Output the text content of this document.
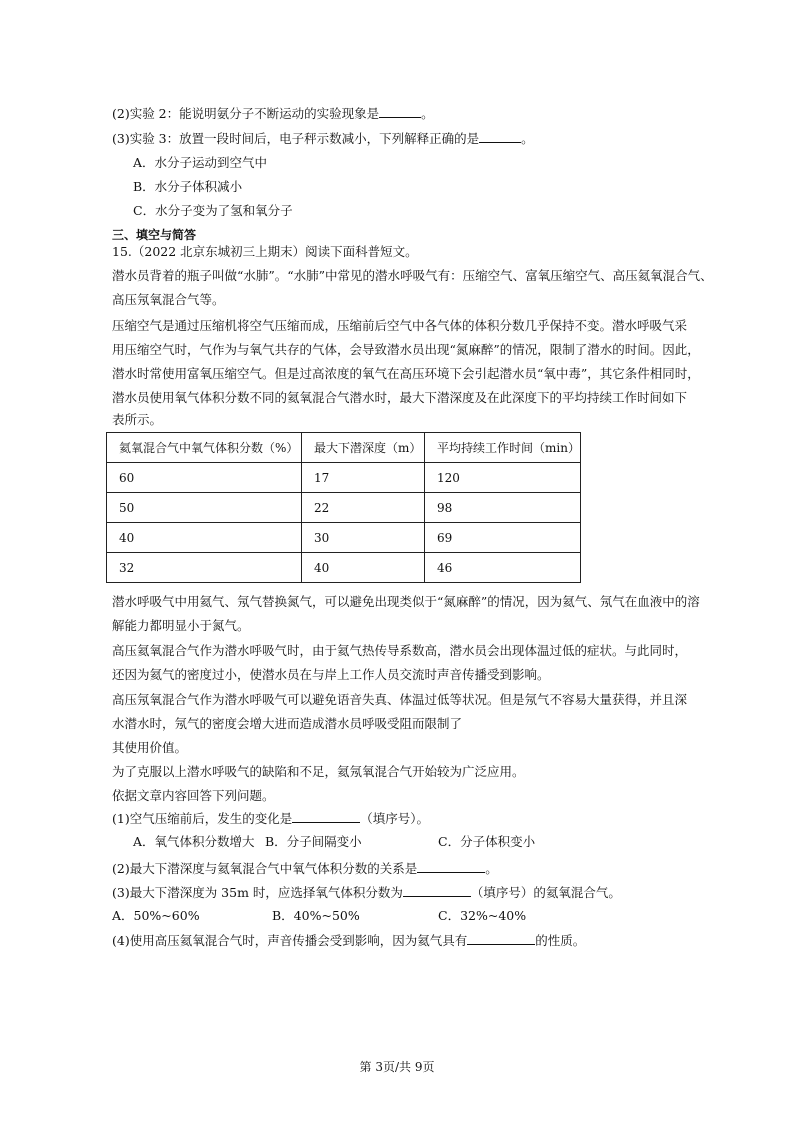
(2)实验 2：能说明氨分子不断运动的实验现象是	。
(3)实验 3：放置一段时间后，电子秤示数减小，下列解释正确的是	。
A．水分子运动到空气中
B．水分子体积减小
C．水分子变为了氢和氧分子
三、填空与简答
15.（2022 北京东城初三上期末）阅读下面科普短文。
潜水员背着的瓶子叫做“水肺”。“水肺”中常见的潜水呼吸气有：压缩空气、富氧压缩空气、高压氦氧混合气、
高压氖氧混合气等。
压缩空气是通过压缩机将空气压缩而成，压缩前后空气中各气体的体积分数几乎保持不变。潜水呼吸气采
用压缩空气时，气作为与氧气共存的气体，会导致潜水员出现“氮麻醉”的情况，限制了潜水的时间。因此，
潜水时常使用富氧压缩空气。但是过高浓度的氧气在高压环境下会引起潜水员“氧中毒”，其它条件相同时，
潜水员使用氧气体积分数不同的氦氧混合气潜水时，最大下潜深度及在此深度下的平均持续工作时间如下
表所示。
氦氧混合气中氧气体积分数（%）	最大下潜深度（m）	平均持续工作时间（min）
60	17	120
50	22	98
40	30	69
32	40	46
潜水呼吸气中用氦气、氖气替换氮气，可以避免出现类似于“氮麻醉”的情况，因为氦气、氖气在血液中的溶
解能力都明显小于氮气。
高压氦氧混合气作为潜水呼吸气时，由于氦气热传导系数高，潜水员会出现体温过低的症状。与此同时，
还因为氦气的密度过小，使潜水员在与岸上工作人员交流时声音传播受到影响。
高压氖氧混合气作为潜水呼吸气可以避免语音失真、体温过低等状况。但是氖气不容易大量获得，并且深
水潜水时，氖气的密度会增大进而造成潜水员呼吸受阻而限制了
其使用价值。
为了克服以上潜水呼吸气的缺陷和不足，氦氖氧混合气开始较为广泛应用。
依据文章内容回答下列问题。
(1)空气压缩前后，发生的变化是	（填序号）。
A．氧气体积分数增大 B．分子间隔变小	C．分子体积变小
(2)最大下潜深度与氦氧混合气中氧气体积分数的关系是	。
(3)最大下潜深度为 35m 时，应选择氧气体积分数为	（填序号）的氦氧混合气。
A．50%~60%	B．40%~50%	C．32%~40%
(4)使用高压氦氧混合气时，声音传播会受到影响，因为氦气具有	的性质。
第 3页/共 9页
